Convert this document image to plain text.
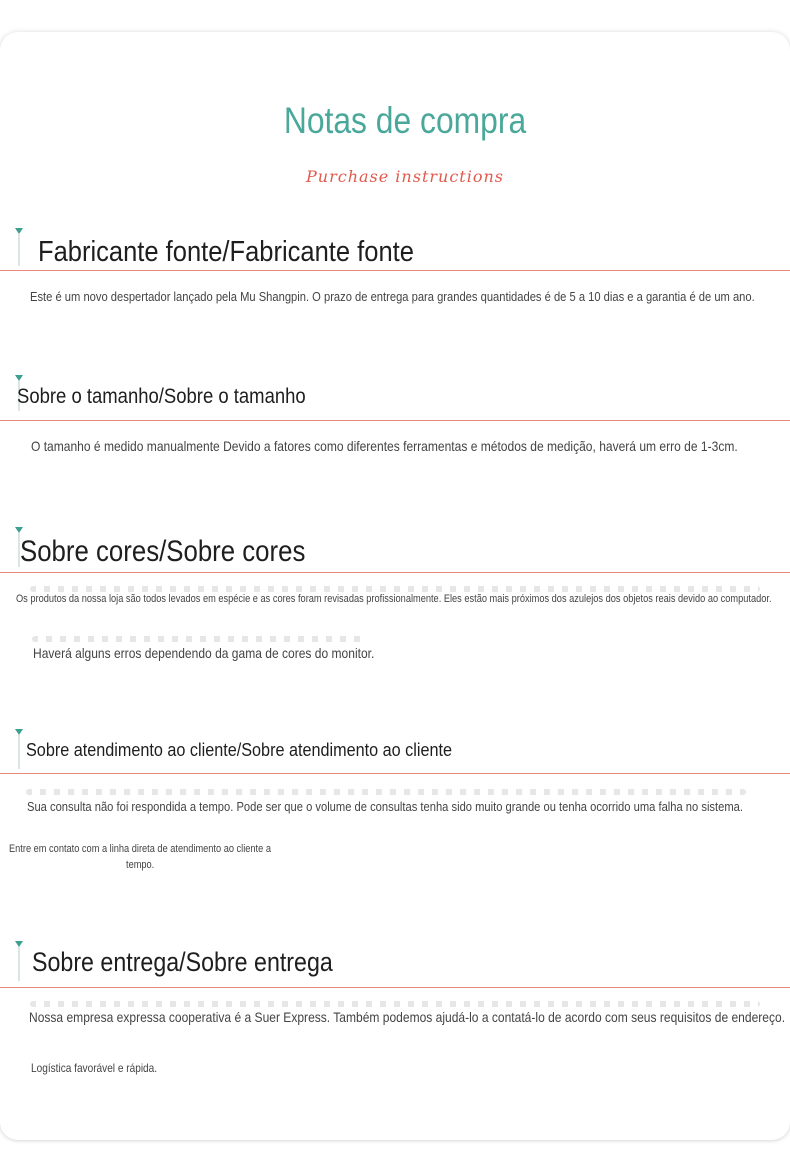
Notas de compra
Purchase instructions
Fabricante fonte/Fabricante fonte
Este é um novo despertador lançado pela Mu Shangpin. O prazo de entrega para grandes quantidades é de 5 a 10 dias e a garantia é de um ano.
Sobre o tamanho/Sobre o tamanho
O tamanho é medido manualmente Devido a fatores como diferentes ferramentas e métodos de medição, haverá um erro de 1-3cm.
Sobre cores/Sobre cores
Os produtos da nossa loja são todos levados em espécie e as cores foram revisadas profissionalmente. Eles estão mais próximos dos azulejos dos objetos reais devido ao computador.
Haverá alguns erros dependendo da gama de cores do monitor.
Sobre atendimento ao cliente/Sobre atendimento ao cliente
Sua consulta não foi respondida a tempo. Pode ser que o volume de consultas tenha sido muito grande ou tenha ocorrido uma falha no sistema.
Entre em contato com a linha direta de atendimento ao cliente a
tempo.
Sobre entrega/Sobre entrega
Nossa empresa expressa cooperativa é a Suer Express. Também podemos ajudá-lo a contatá-lo de acordo com seus requisitos de endereço.
Logística favorável e rápida.
